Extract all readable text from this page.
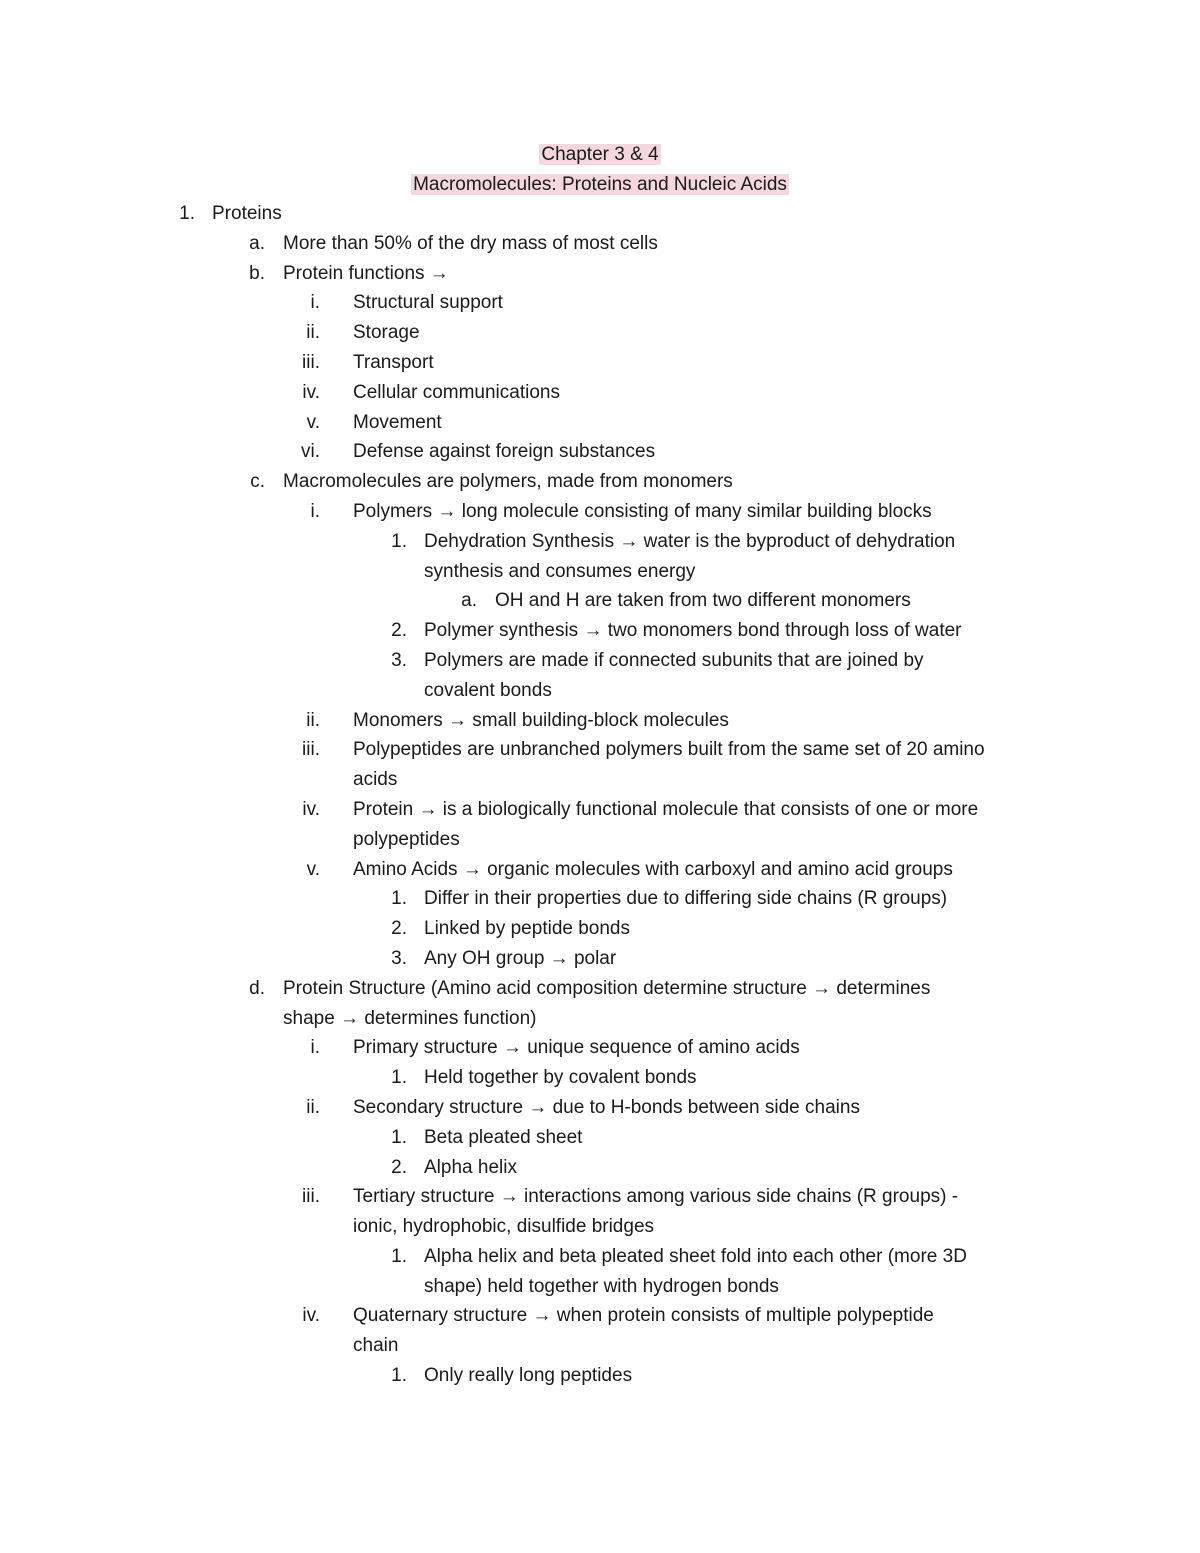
Chapter 3 & 4
Macromolecules: Proteins and Nucleic Acids
1. Proteins
a. More than 50% of the dry mass of most cells
b. Protein functions →
i. Structural support
ii. Storage
iii. Transport
iv. Cellular communications
v. Movement
vi. Defense against foreign substances
c. Macromolecules are polymers, made from monomers
i. Polymers → long molecule consisting of many similar building blocks
1. Dehydration Synthesis → water is the byproduct of dehydration
synthesis and consumes energy
a. OH and H are taken from two different monomers
2. Polymer synthesis → two monomers bond through loss of water
3. Polymers are made if connected subunits that are joined by
covalent bonds
ii. Monomers → small building-block molecules
iii. Polypeptides are unbranched polymers built from the same set of 20 amino
acids
iv. Protein → is a biologically functional molecule that consists of one or more
polypeptides
v. Amino Acids → organic molecules with carboxyl and amino acid groups
1. Differ in their properties due to differing side chains (R groups)
2. Linked by peptide bonds
3. Any OH group → polar
d. Protein Structure (Amino acid composition determine structure → determines
shape → determines function)
i. Primary structure → unique sequence of amino acids
1. Held together by covalent bonds
ii. Secondary structure → due to H-bonds between side chains
1. Beta pleated sheet
2. Alpha helix
iii. Tertiary structure → interactions among various side chains (R groups) -
ionic, hydrophobic, disulfide bridges
1. Alpha helix and beta pleated sheet fold into each other (more 3D
shape) held together with hydrogen bonds
iv. Quaternary structure → when protein consists of multiple polypeptide
chain
1. Only really long peptides
